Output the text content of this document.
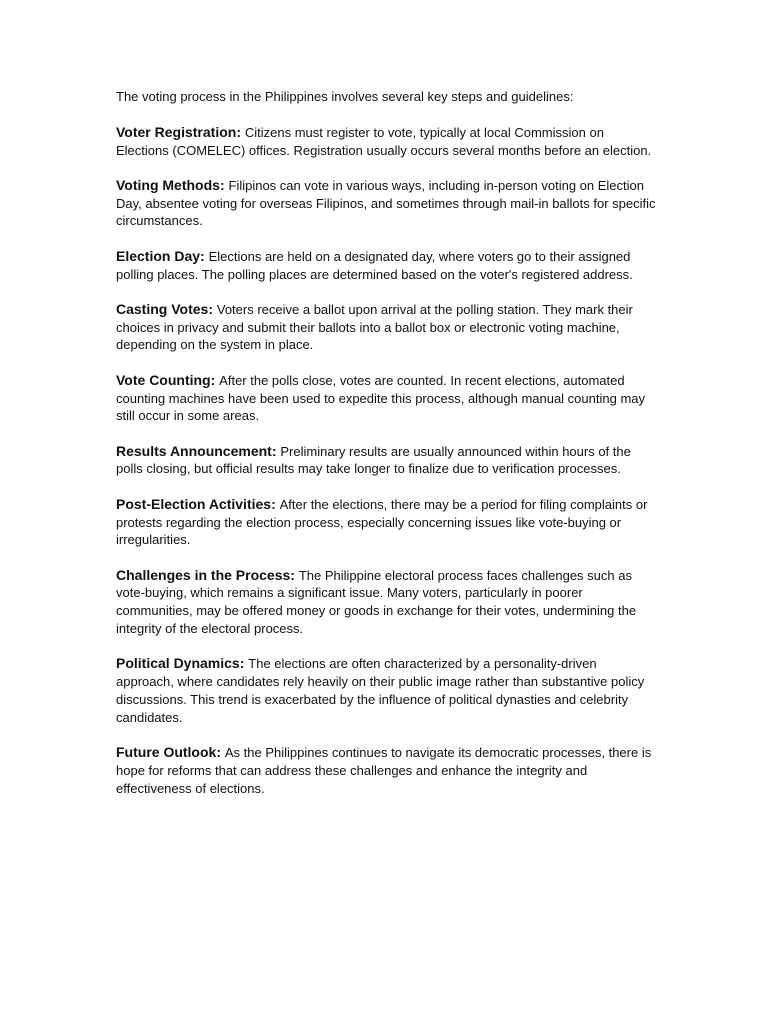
The voting process in the Philippines involves several key steps and guidelines:

Voter Registration: Citizens must register to vote, typically at local Commission on Elections (COMELEC) offices. Registration usually occurs several months before an election.

Voting Methods: Filipinos can vote in various ways, including in-person voting on Election Day, absentee voting for overseas Filipinos, and sometimes through mail-in ballots for specific circumstances.

Election Day: Elections are held on a designated day, where voters go to their assigned polling places. The polling places are determined based on the voter's registered address.

Casting Votes: Voters receive a ballot upon arrival at the polling station. They mark their choices in privacy and submit their ballots into a ballot box or electronic voting machine, depending on the system in place.

Vote Counting: After the polls close, votes are counted. In recent elections, automated counting machines have been used to expedite this process, although manual counting may still occur in some areas.

Results Announcement: Preliminary results are usually announced within hours of the polls closing, but official results may take longer to finalize due to verification processes.

Post-Election Activities: After the elections, there may be a period for filing complaints or protests regarding the election process, especially concerning issues like vote-buying or irregularities.

Challenges in the Process: The Philippine electoral process faces challenges such as vote-buying, which remains a significant issue. Many voters, particularly in poorer communities, may be offered money or goods in exchange for their votes, undermining the integrity of the electoral process.

Political Dynamics: The elections are often characterized by a personality-driven approach, where candidates rely heavily on their public image rather than substantive policy discussions. This trend is exacerbated by the influence of political dynasties and celebrity candidates.

Future Outlook: As the Philippines continues to navigate its democratic processes, there is hope for reforms that can address these challenges and enhance the integrity and effectiveness of elections.
